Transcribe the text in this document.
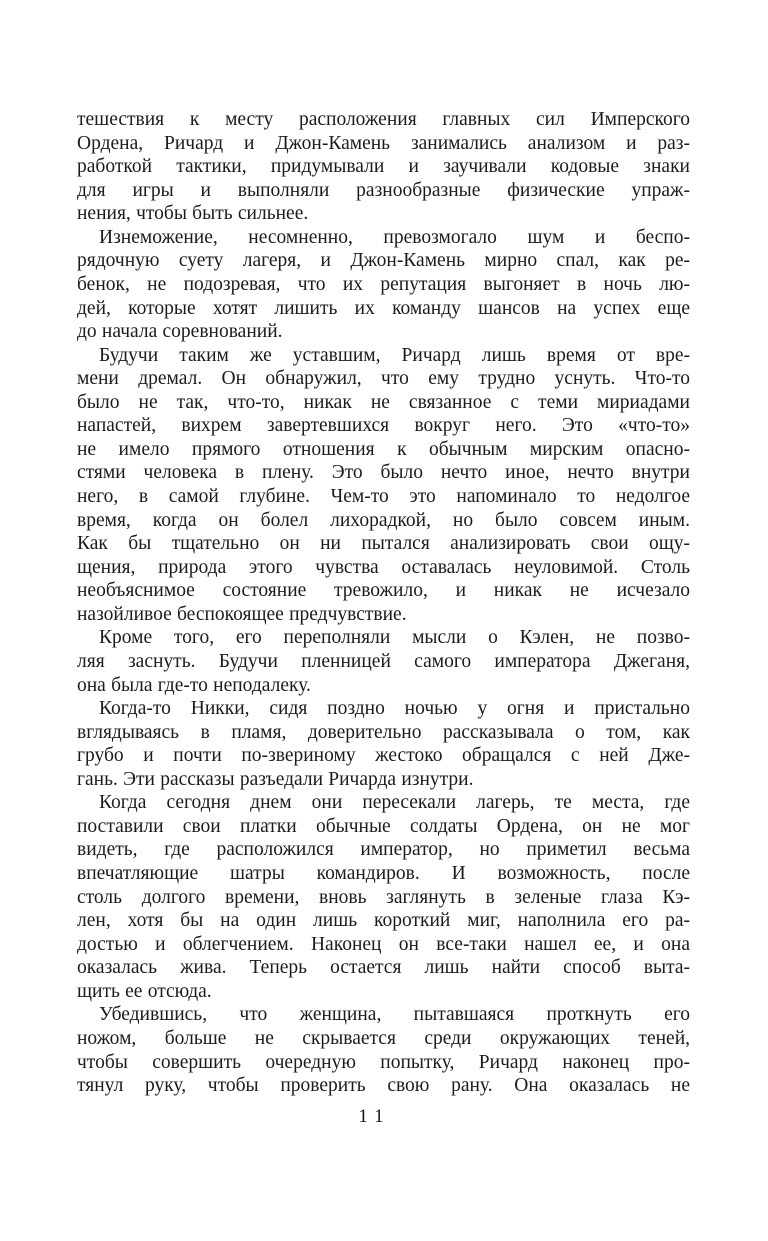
тешествия к месту расположения главных сил Имперского
Ордена, Ричард и Джон-Камень занимались анализом и раз-
работкой тактики, придумывали и заучивали кодовые знаки
для игры и выполняли разнообразные физические упраж-
нения, чтобы быть сильнее.
Изнеможение, несомненно, превозмогало шум и беспо-
рядочную суету лагеря, и Джон-Камень мирно спал, как ре-
бенок, не подозревая, что их репутация выгоняет в ночь лю-
дей, которые хотят лишить их команду шансов на успех еще
до начала соревнований.
Будучи таким же уставшим, Ричард лишь время от вре-
мени дремал. Он обнаружил, что ему трудно уснуть. Что-то
было не так, что-то, никак не связанное с теми мириадами
напастей, вихрем завертевшихся вокруг него. Это «что-то»
не имело прямого отношения к обычным мирским опасно-
стями человека в плену. Это было нечто иное, нечто внутри
него, в самой глубине. Чем-то это напоминало то недолгое
время, когда он болел лихорадкой, но было совсем иным.
Как бы тщательно он ни пытался анализировать свои ощу-
щения, природа этого чувства оставалась неуловимой. Столь
необъяснимое состояние тревожило, и никак не исчезало
назойливое беспокоящее предчувствие.
Кроме того, его переполняли мысли о Кэлен, не позво-
ляя заснуть. Будучи пленницей самого императора Джеганя,
она была где-то неподалеку.
Когда-то Никки, сидя поздно ночью у огня и пристально
вглядываясь в пламя, доверительно рассказывала о том, как
грубо и почти по-звериному жестоко обращался с ней Дже-
гань. Эти рассказы разъедали Ричарда изнутри.
Когда сегодня днем они пересекали лагерь, те места, где
поставили свои платки обычные солдаты Ордена, он не мог
видеть, где расположился император, но приметил весьма
впечатляющие шатры командиров. И возможность, после
столь долгого времени, вновь заглянуть в зеленые глаза Кэ-
лен, хотя бы на один лишь короткий миг, наполнила его ра-
достью и облегчением. Наконец он все-таки нашел ее, и она
оказалась жива. Теперь остается лишь найти способ выта-
щить ее отсюда.
Убедившись, что женщина, пытавшаяся проткнуть его
ножом, больше не скрывается среди окружающих теней,
чтобы совершить очередную попытку, Ричард наконец про-
тянул руку, чтобы проверить свою рану. Она оказалась не
11
